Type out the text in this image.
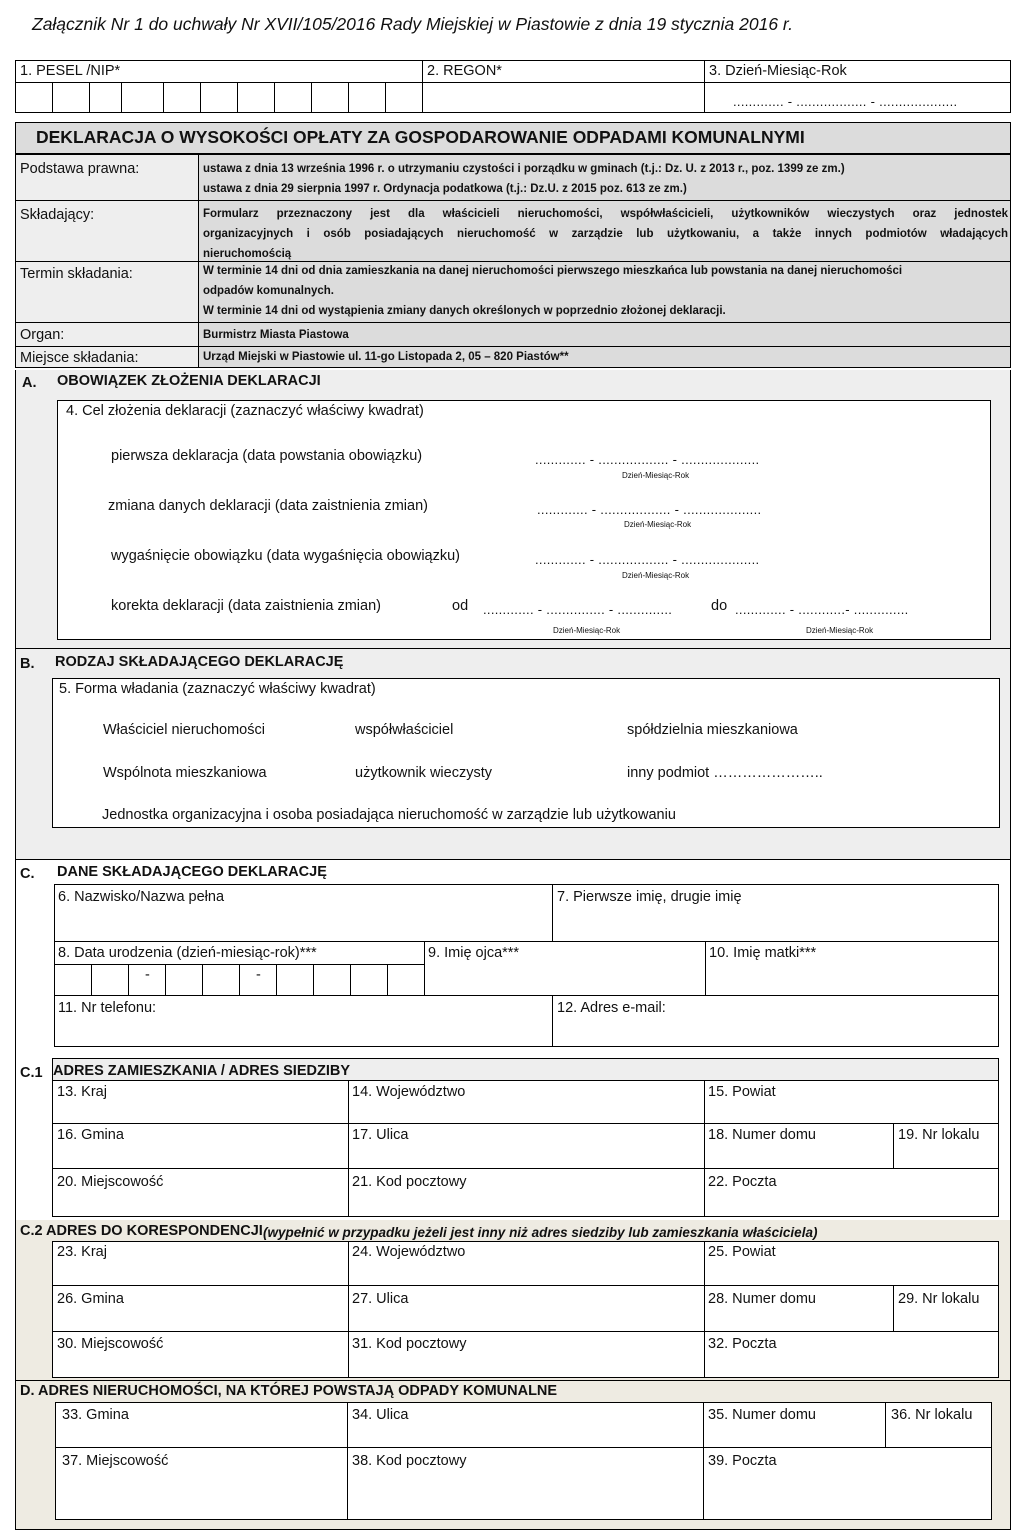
Załącznik Nr 1 do uchwały Nr XVII/105/2016 Rady Miejskiej w Piastowie z dnia 19 stycznia 2016 r.
1. PESEL /NIP*	2. REGON*	3. Dzień-Miesiąc-Rok
............. - .................. - ....................
DEKLARACJA O WYSOKOŚCI OPŁATY ZA GOSPODAROWANIE ODPADAMI KOMUNALNYMI
Podstawa prawna:	ustawa z dnia 13 września 1996 r. o utrzymaniu czystości i porządku w gminach (t.j.: Dz. U. z 2013 r., poz. 1399 ze zm.)
ustawa z dnia 29 sierpnia 1997 r. Ordynacja podatkowa (t.j.: Dz.U. z 2015 poz. 613 ze zm.)
Składający:	Formularz przeznaczony jest dla właścicieli nieruchomości, współwłaścicieli, użytkowników wieczystych oraz jednostek
organizacyjnych i osób posiadających nieruchomość w zarządzie lub użytkowaniu, a także innych podmiotów władających
nieruchomością
Termin składania:	W terminie 14 dni od dnia zamieszkania na danej nieruchomości pierwszego mieszkańca lub powstania na danej nieruchomości
odpadów komunalnych.
W terminie 14 dni od wystąpienia zmiany danych określonych w poprzednio złożonej deklaracji.
Organ:	Burmistrz Miasta Piastowa
Miejsce składania:	Urząd Miejski w Piastowie ul. 11-go Listopada 2, 05 – 820 Piastów**
A. OBOWIĄZEK ZŁOŻENIA DEKLARACJI
4. Cel złożenia deklaracji (zaznaczyć właściwy kwadrat)
pierwsza deklaracja (data powstania obowiązku)	............. - .................. - ....................
Dzień-Miesiąc-Rok
zmiana danych deklaracji (data zaistnienia zmian)	............. - .................. - ....................
Dzień-Miesiąc-Rok
wygaśnięcie obowiązku (data wygaśnięcia obowiązku)	............. - .................. - ....................
Dzień-Miesiąc-Rok
korekta deklaracji (data zaistnienia zmian)	od ............. - ............... - ..............	do ............. - ............- ..............
Dzień-Miesiąc-Rok	Dzień-Miesiąc-Rok
B. RODZAJ SKŁADAJĄCEGO DEKLARACJĘ
5. Forma władania (zaznaczyć właściwy kwadrat)
Właściciel nieruchomości	współwłaściciel	spółdzielnia mieszkaniowa
Wspólnota mieszkaniowa	użytkownik wieczysty	inny podmiot …………………..
Jednostka organizacyjna i osoba posiadająca nieruchomość w zarządzie lub użytkowaniu
C. DANE SKŁADAJĄCEGO DEKLARACJĘ
6. Nazwisko/Nazwa pełna	7. Pierwsze imię, drugie imię
8. Data urodzenia (dzień-miesiąc-rok)***
-	-
9. Imię ojca***	10. Imię matki***
11. Nr telefonu:	12. Adres e-mail:
C.1 ADRES ZAMIESZKANIA / ADRES SIEDZIBY
13. Kraj	14. Województwo	15. Powiat
16. Gmina	17. Ulica	18. Numer domu	19. Nr lokalu
20. Miejscowość	21. Kod pocztowy	22. Poczta
C.2 ADRES DO KORESPONDENCJI (wypełnić w przypadku jeżeli jest inny niż adres siedziby lub zamieszkania właściciela)
23. Kraj	24. Województwo	25. Powiat
26. Gmina	27. Ulica	28. Numer domu	29. Nr lokalu
30. Miejscowość	31. Kod pocztowy	32. Poczta
D. ADRES NIERUCHOMOŚCI, NA KTÓREJ POWSTAJĄ ODPADY KOMUNALNE
33. Gmina	34. Ulica	35. Numer domu	36. Nr lokalu
37. Miejscowość	38. Kod pocztowy	39. Poczta
